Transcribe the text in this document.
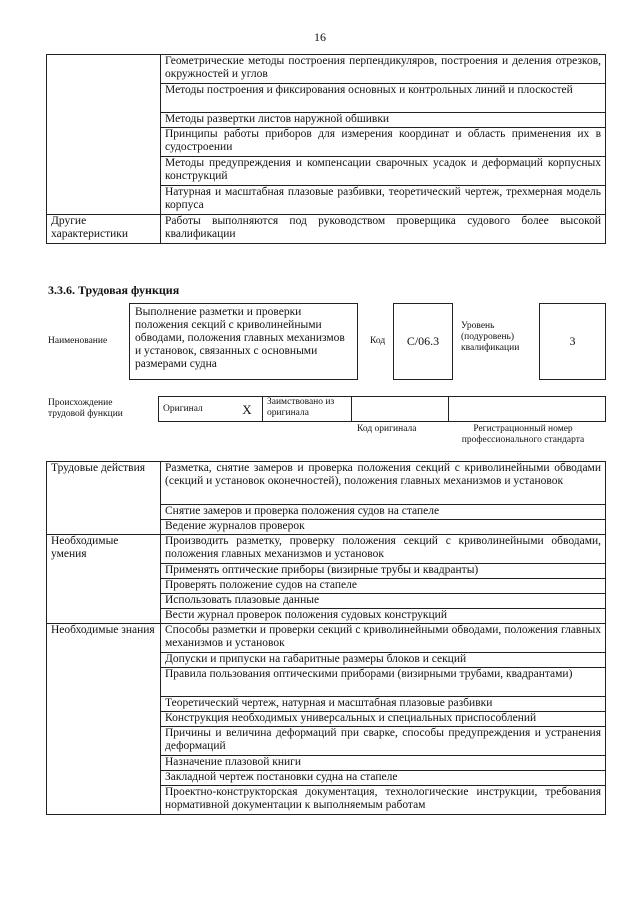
16
	Геометрические методы построения перпендикуляров, построения и деления отрезков, окружностей и углов
	Методы построения и фиксирования основных и контрольных линий и плоскостей
	Методы развертки листов наружной обшивки
	Принципы работы приборов для измерения координат и область применения их в судостроении
	Методы предупреждения и компенсации сварочных усадок и деформаций корпусных конструкций
	Натурная и масштабная плазовые разбивки, теоретический чертеж, трехмерная модель корпуса
Другие характеристики	Работы выполняются под руководством проверщика судового более высокой квалификации
3.3.6. Трудовая функция
Наименование
Выполнение разметки и проверки положения секций с криволинейными обводами, положения главных механизмов и установок, связанных с основными размерами судна
Код	С/06.3
Уровень (подуровень) квалификации	3
Происхождение трудовой функции
Оригинал	X	Заимствовано из оригинала		
Код оригинала	Регистрационный номер профессионального стандарта
Трудовые действия	Разметка, снятие замеров и проверка положения секций с криволинейными обводами (секций и установок оконечностей), положения главных механизмов и установок
	Снятие замеров и проверка положения судов на стапеле
	Ведение журналов проверок
Необходимые умения	Производить разметку, проверку положения секций с криволинейными обводами, положения главных механизмов и установок
	Применять оптические приборы (визирные трубы и квадранты)
	Проверять положение судов на стапеле
	Использовать плазовые данные
	Вести журнал проверок положения судовых конструкций
Необходимые знания	Способы разметки и проверки секций с криволинейными обводами, положения главных механизмов и установок
	Допуски и припуски на габаритные размеры блоков и секций
	Правила пользования оптическими приборами (визирными трубами, квадрантами)
	Теоретический чертеж, натурная и масштабная плазовые разбивки
	Конструкция необходимых универсальных и специальных приспособлений
	Причины и величина деформаций при сварке, способы предупреждения и устранения деформаций
	Назначение плазовой книги
	Закладной чертеж постановки судна на стапеле
	Проектно-конструкторская документация, технологические инструкции, требования нормативной документации к выполняемым работам
